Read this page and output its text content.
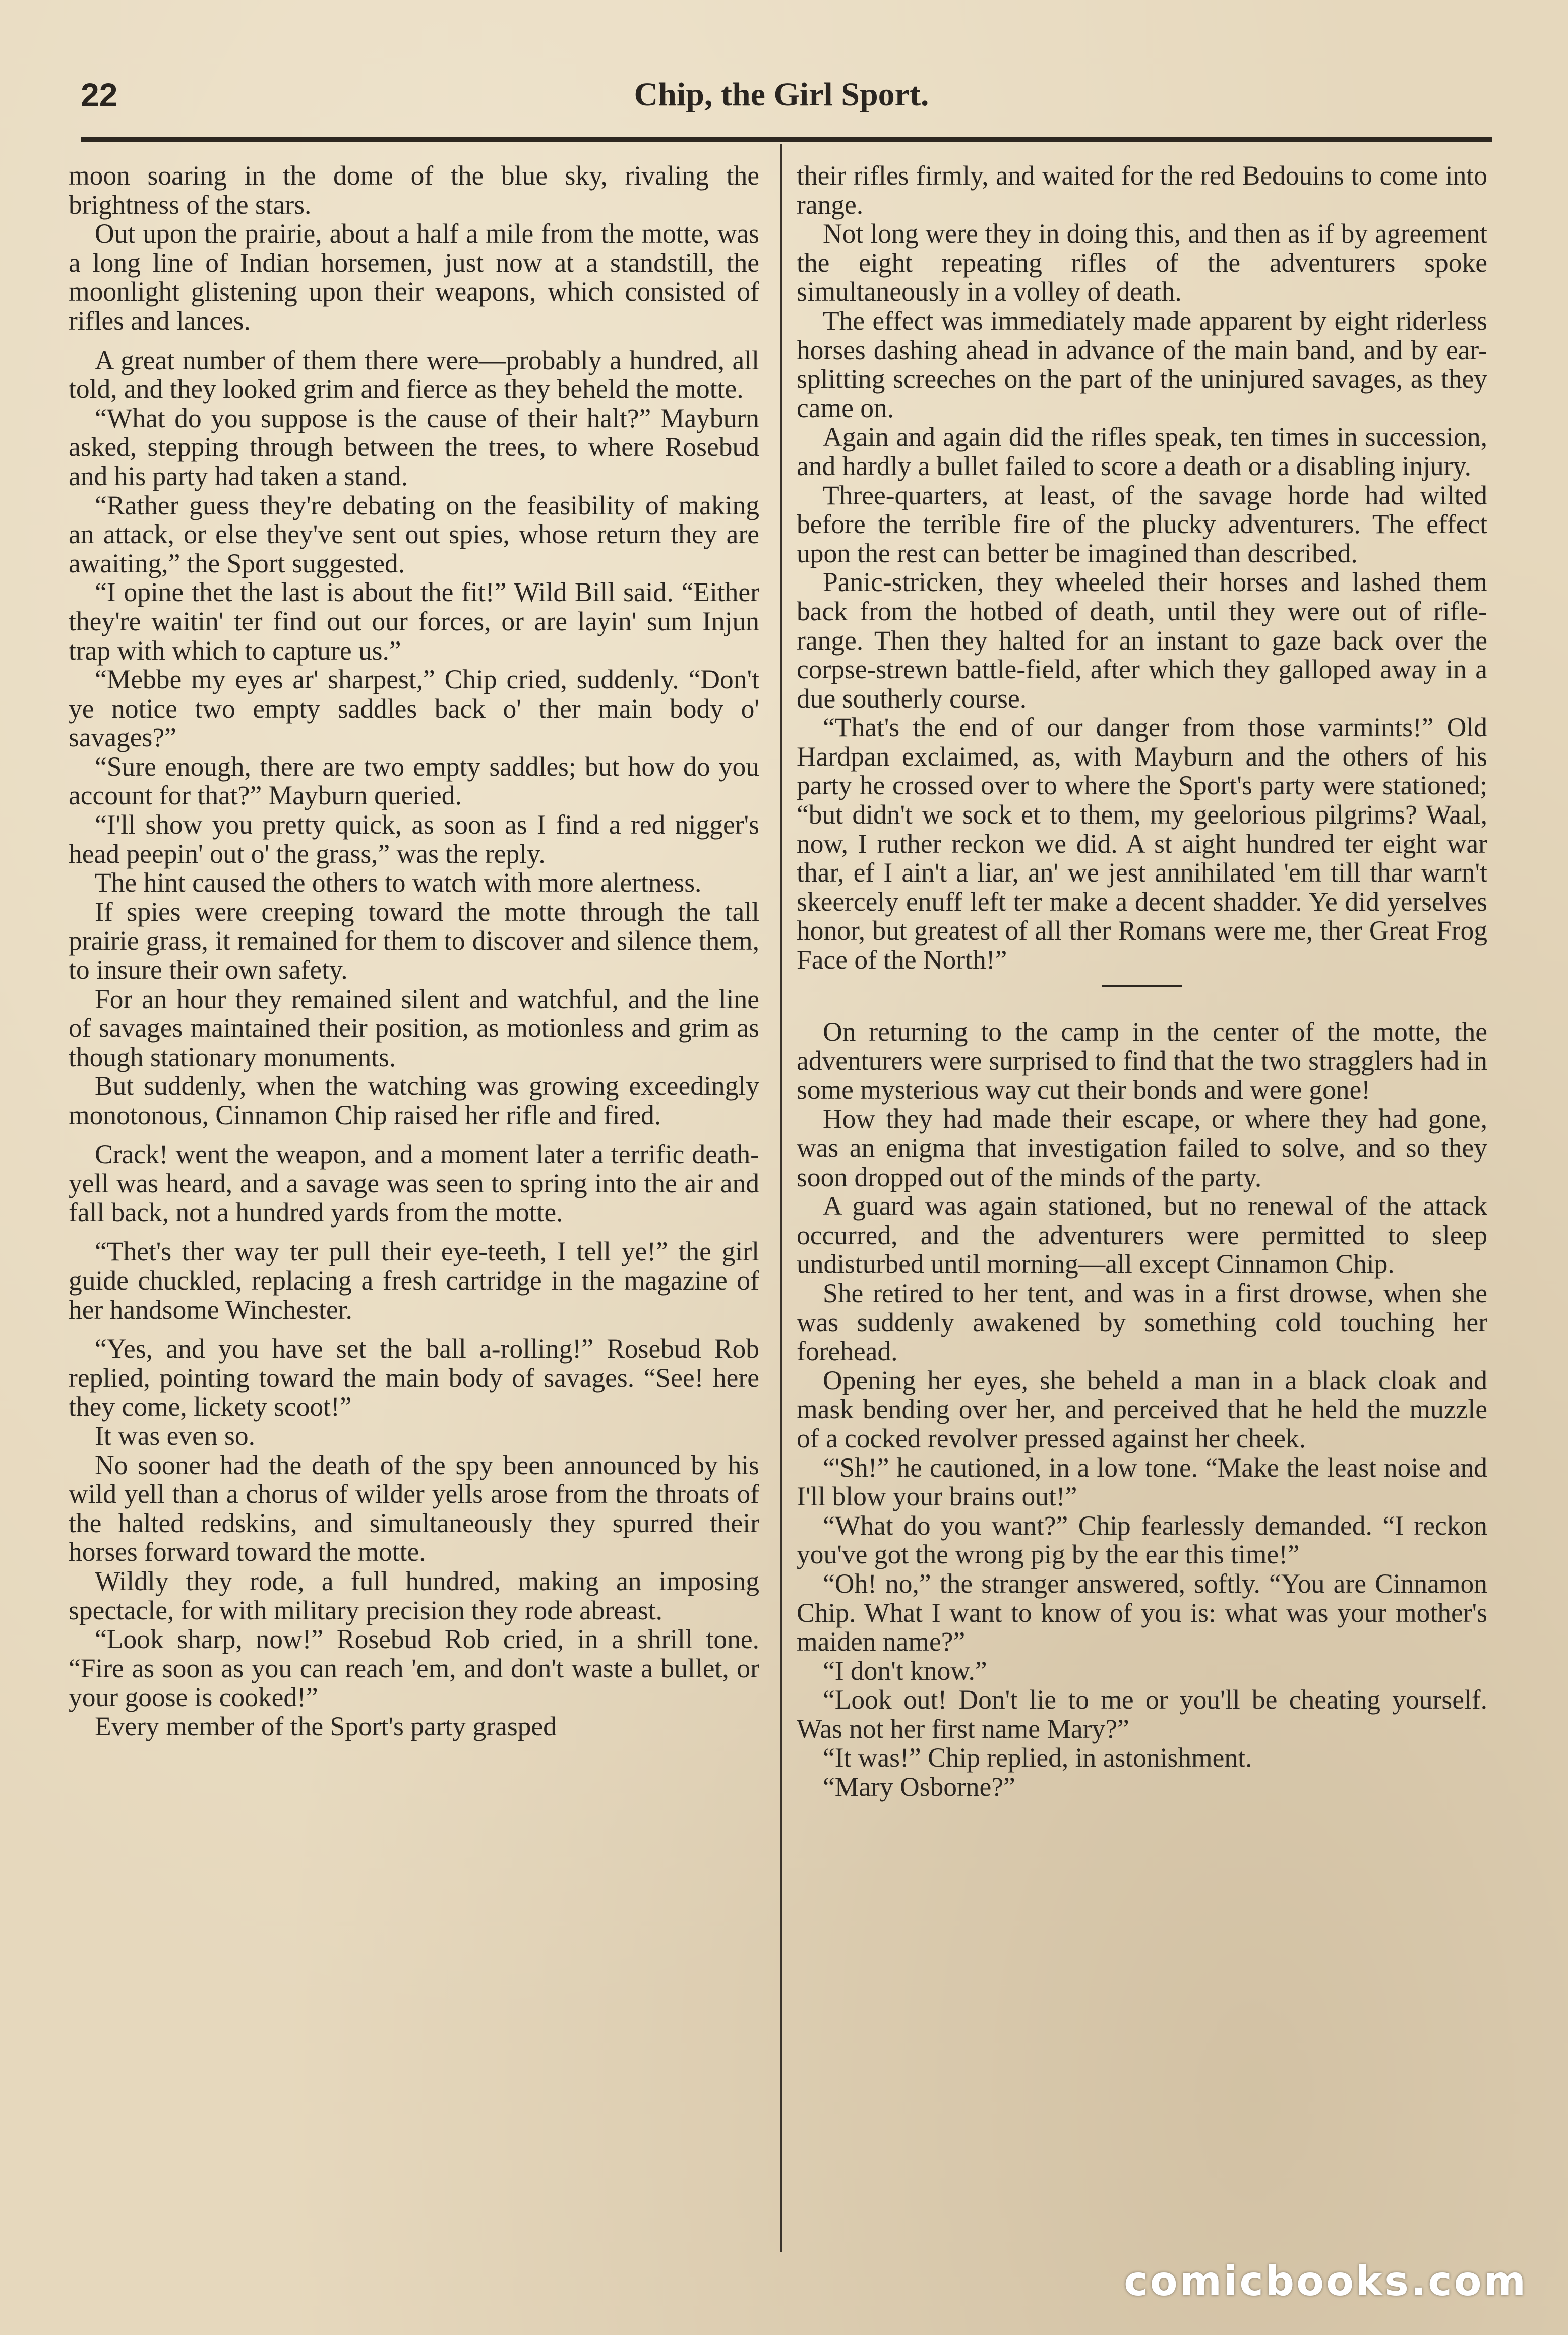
22	Chip, the Girl Sport.

moon soaring in the dome of the blue sky, rivaling the brightness of the stars.

Out upon the prairie, about a half a mile from the motte, was a long line of Indian horsemen, just now at a standstill, the moonlight glistening upon their weapons, which consisted of rifles and lances.

A great number of them there were—probably a hundred, all told, and they looked grim and fierce as they beheld the motte.

“What do you suppose is the cause of their halt?” Mayburn asked, stepping through between the trees, to where Rosebud and his party had taken a stand.

“Rather guess they're debating on the feasibility of making an attack, or else they've sent out spies, whose return they are awaiting,” the Sport suggested.

“I opine thet the last is about the fit!” Wild Bill said. “Either they're waitin' ter find out our forces, or are layin' sum Injun trap with which to capture us.”

“Mebbe my eyes ar' sharpest,” Chip cried, suddenly. “Don't ye notice two empty saddles back o' ther main body o' savages?”

“Sure enough, there are two empty saddles; but how do you account for that?” Mayburn queried.

“I'll show you pretty quick, as soon as I find a red nigger's head peepin' out o' the grass,” was the reply.

The hint caused the others to watch with more alertness.

If spies were creeping toward the motte through the tall prairie grass, it remained for them to discover and silence them, to insure their own safety.

For an hour they remained silent and watchful, and the line of savages maintained their position, as motionless and grim as though stationary monuments.

But suddenly, when the watching was growing exceedingly monotonous, Cinnamon Chip raised her rifle and fired.

Crack! went the weapon, and a moment later a terrific death-yell was heard, and a savage was seen to spring into the air and fall back, not a hundred yards from the motte.

“Thet's ther way ter pull their eye-teeth, I tell ye!” the girl guide chuckled, replacing a fresh cartridge in the magazine of her handsome Winchester.

“Yes, and you have set the ball a-rolling!” Rosebud Rob replied, pointing toward the main body of savages. “See! here they come, lickety scoot!”

It was even so.

No sooner had the death of the spy been announced by his wild yell than a chorus of wilder yells arose from the throats of the halted redskins, and simultaneously they spurred their horses forward toward the motte.

Wildly they rode, a full hundred, making an imposing spectacle, for with military precision they rode abreast.

“Look sharp, now!” Rosebud Rob cried, in a shrill tone. “Fire as soon as you can reach 'em, and don't waste a bullet, or your goose is cooked!”

Every member of the Sport's party grasped

their rifles firmly, and waited for the red Bedouins to come into range.

Not long were they in doing this, and then as if by agreement the eight repeating rifles of the adventurers spoke simultaneously in a volley of death.

The effect was immediately made apparent by eight riderless horses dashing ahead in advance of the main band, and by ear-splitting screeches on the part of the uninjured savages, as they came on.

Again and again did the rifles speak, ten times in succession, and hardly a bullet failed to score a death or a disabling injury.

Three-quarters, at least, of the savage horde had wilted before the terrible fire of the plucky adventurers. The effect upon the rest can better be imagined than described.

Panic-stricken, they wheeled their horses and lashed them back from the hotbed of death, until they were out of rifle-range. Then they halted for an instant to gaze back over the corpse-strewn battle-field, after which they galloped away in a due southerly course.

“That's the end of our danger from those varmints!” Old Hardpan exclaimed, as, with Mayburn and the others of his party he crossed over to where the Sport's party were stationed; “but didn't we sock et to them, my geelorious pilgrims? Waal, now, I ruther reckon we did. A st aight hundred ter eight war thar, ef I ain't a liar, an' we jest annihilated 'em till thar warn't skeercely enuff left ter make a decent shadder. Ye did yerselves honor, but greatest of all ther Romans were me, ther Great Frog Face of the North!”

On returning to the camp in the center of the motte, the adventurers were surprised to find that the two stragglers had in some mysterious way cut their bonds and were gone!

How they had made their escape, or where they had gone, was an enigma that investigation failed to solve, and so they soon dropped out of the minds of the party.

A guard was again stationed, but no renewal of the attack occurred, and the adventurers were permitted to sleep undisturbed until morning—all except Cinnamon Chip.

She retired to her tent, and was in a first drowse, when she was suddenly awakened by something cold touching her forehead.

Opening her eyes, she beheld a man in a black cloak and mask bending over her, and perceived that he held the muzzle of a cocked revolver pressed against her cheek.

“'Sh!” he cautioned, in a low tone. “Make the least noise and I'll blow your brains out!”

“What do you want?” Chip fearlessly demanded. “I reckon you've got the wrong pig by the ear this time!”

“Oh! no,” the stranger answered, softly. “You are Cinnamon Chip. What I want to know of you is: what was your mother's maiden name?”

“I don't know.”

“Look out! Don't lie to me or you'll be cheating yourself. Was not her first name Mary?”

“It was!” Chip replied, in astonishment.

“Mary Osborne?”

comicbooks.com
